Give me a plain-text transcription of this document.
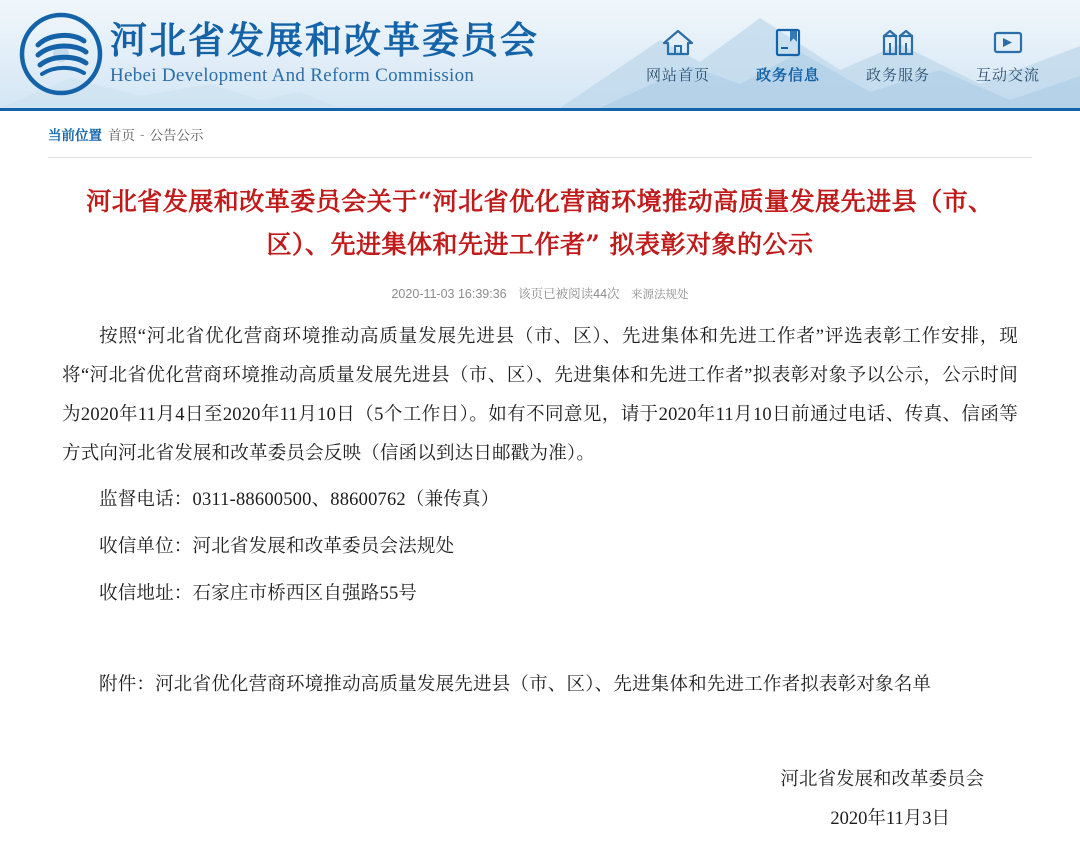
河北省发展和改革委员会
Hebei Development And Reform Commission	网站首页	政务信息	政务服务	互动交流
当前位置 首页 - 公告公示
河北省发展和改革委员会关于“河北省优化营商环境推动高质量发展先进县（市、区）、先进集体和先进工作者” 拟表彰对象的公示
2020-11-03 16:39:36 该页已被阅读44次 来源法规处

按照“河北省优化营商环境推动高质量发展先进县（市、区）、先进集体和先进工作者”评选表彰工作安排，现将“河北省优化营商环境推动高质量发展先进县（市、区）、先进集体和先进工作者”拟表彰对象予以公示，公示时间为2020年11月4日至2020年11月10日（5个工作日）。如有不同意见，请于2020年11月10日前通过电话、传真、信函等方式向河北省发展和改革委员会反映（信函以到达日邮戳为准）。

监督电话：0311-88600500、88600762（兼传真）

收信单位：河北省发展和改革委员会法规处

收信地址：石家庄市桥西区自强路55号

附件：河北省优化营商环境推动高质量发展先进县（市、区）、先进集体和先进工作者拟表彰对象名单

河北省发展和改革委员会
2020年11月3日
